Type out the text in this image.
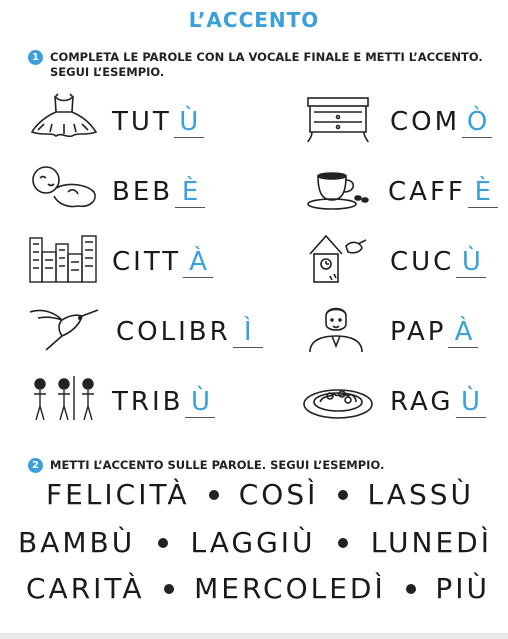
L’ACCENTO
1 COMPLETA LE PAROLE CON LA VOCALE FINALE E METTI L’ACCENTO. SEGUI L’ESEMPIO.
TUT Ù	COM Ò
BEB È	CAFF È
CITT À	CUC Ù
COLIBR Ì	PAP À
TRIB Ù	RAG Ù
2 METTI L’ACCENTO SULLE PAROLE. SEGUI L’ESEMPIO.
FELICITÀ COSÌ LASSÙ
BAMBÙ LAGGIÙ LUNEDÌ
CARITÀ MERCOLEDÌ PIÙ
